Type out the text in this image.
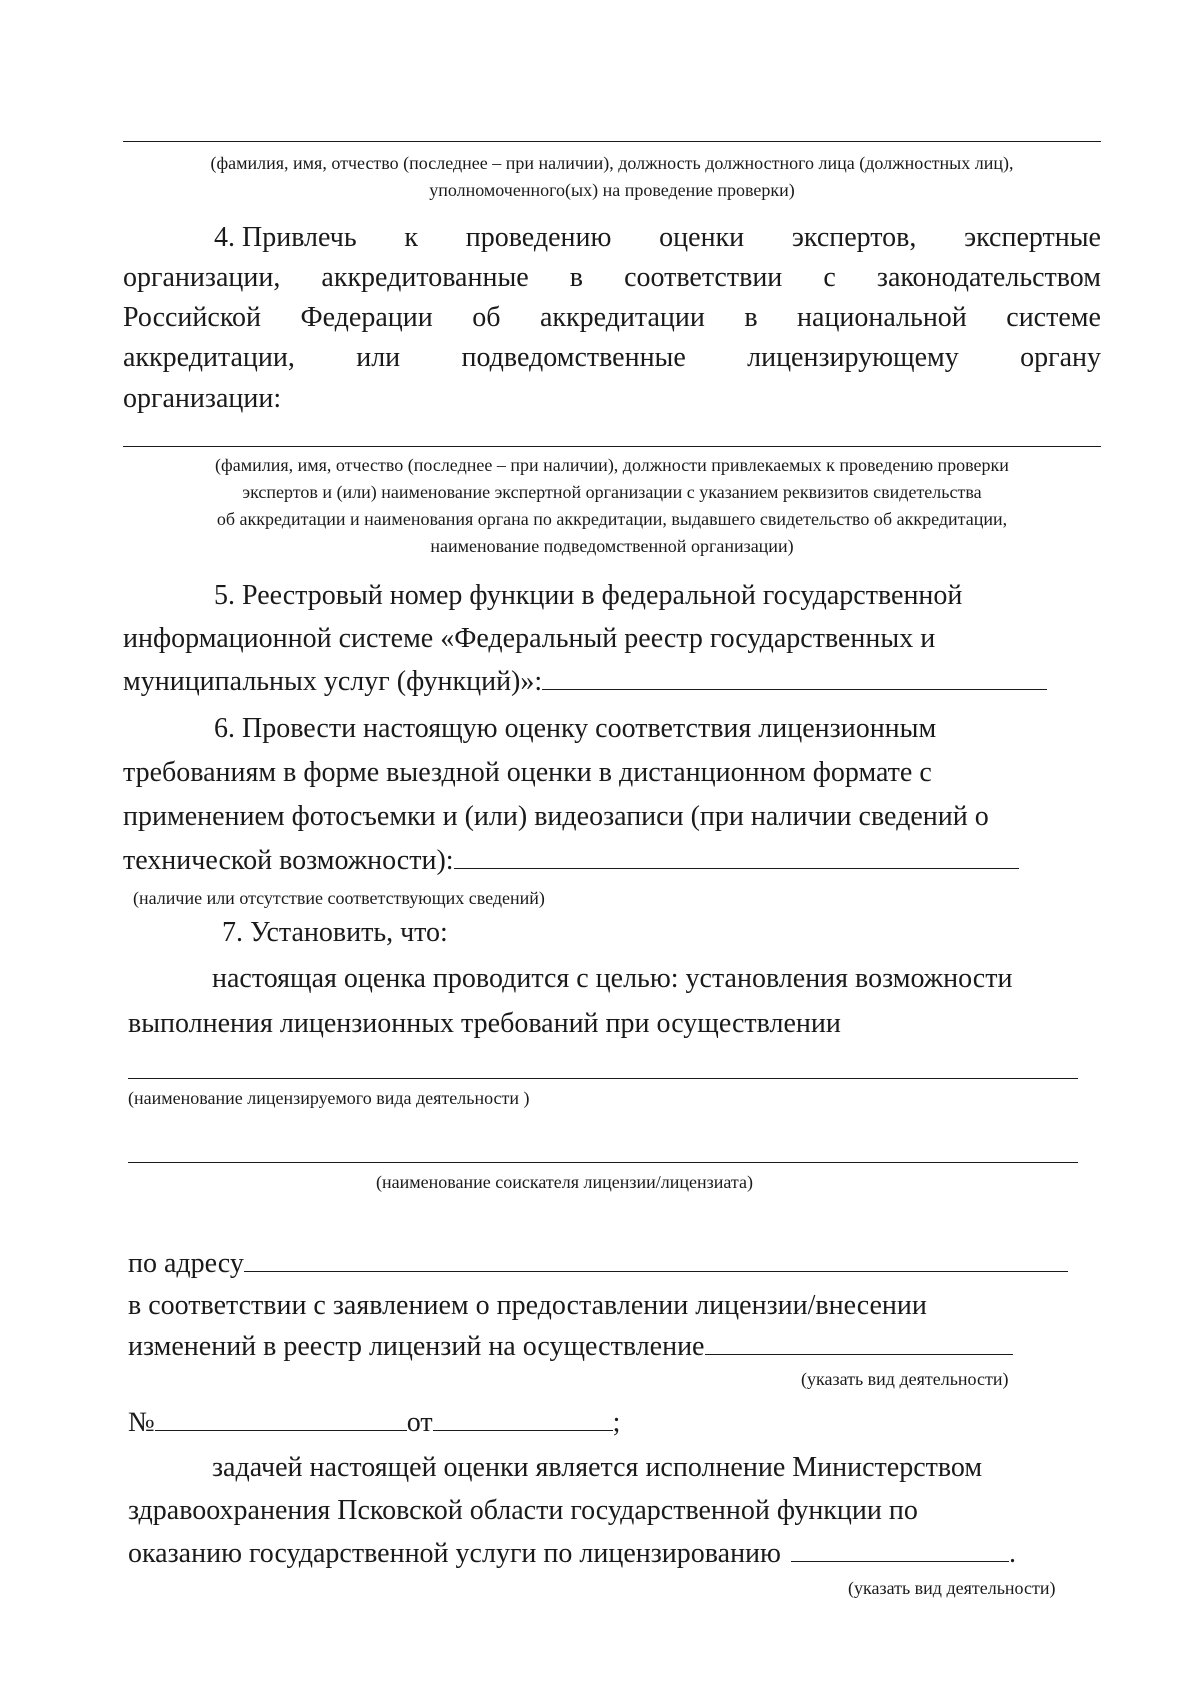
(фамилия, имя, отчество (последнее – при наличии), должность должностного лица (должностных лиц),
уполномоченного(ых) на проведение проверки)
4. Привлечь к проведению оценки экспертов, экспертные
организации, аккредитованные в соответствии с законодательством
Российской Федерации об аккредитации в национальной системе
аккредитации, или подведомственные лицензирующему органу
организации:
(фамилия, имя, отчество (последнее – при наличии), должности привлекаемых к проведению проверки
экспертов и (или) наименование экспертной организации с указанием реквизитов свидетельства
об аккредитации и наименования органа по аккредитации, выдавшего свидетельство об аккредитации,
наименование подведомственной организации)
5. Реестровый номер функции в федеральной государственной
информационной системе «Федеральный реестр государственных и
муниципальных услуг (функций)»:
6. Провести настоящую оценку соответствия лицензионным
требованиям в форме выездной оценки в дистанционном формате с
применением фотосъемки и (или) видеозаписи (при наличии сведений о
технической возможности):
(наличие или отсутствие соответствующих сведений)
7. Установить, что:
настоящая оценка проводится с целью: установления возможности
выполнения лицензионных требований при осуществлении
(наименование лицензируемого вида деятельности )
(наименование соискателя лицензии/лицензиата)
по адресу
в соответствии с заявлением о предоставлении лицензии/внесении
изменений в реестр лицензий на осуществление
(указать вид деятельности)
№	от	;
задачей настоящей оценки является исполнение Министерством
здравоохранения Псковской области государственной функции по
оказанию государственной услуги по лицензированию	.
(указать вид деятельности)
